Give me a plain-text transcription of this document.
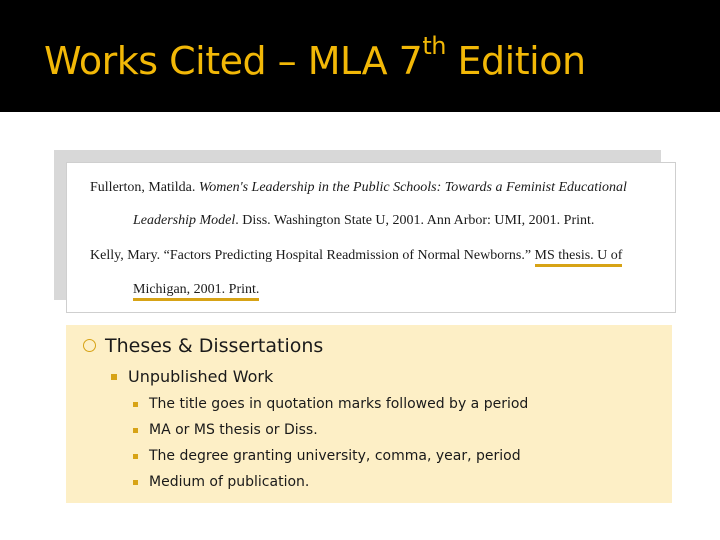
Works Cited – MLA 7th Edition

Fullerton, Matilda. Women's Leadership in the Public Schools: Towards a Feminist Educational

Leadership Model. Diss. Washington State U, 2001. Ann Arbor: UMI, 2001. Print.

Kelly, Mary. “Factors Predicting Hospital Readmission of Normal Newborns.” MS thesis. U of

Michigan, 2001. Print.

Theses & Dissertations

Unpublished Work

The title goes in quotation marks followed by a period

MA or MS thesis or Diss.

The degree granting university, comma, year, period

Medium of publication.
